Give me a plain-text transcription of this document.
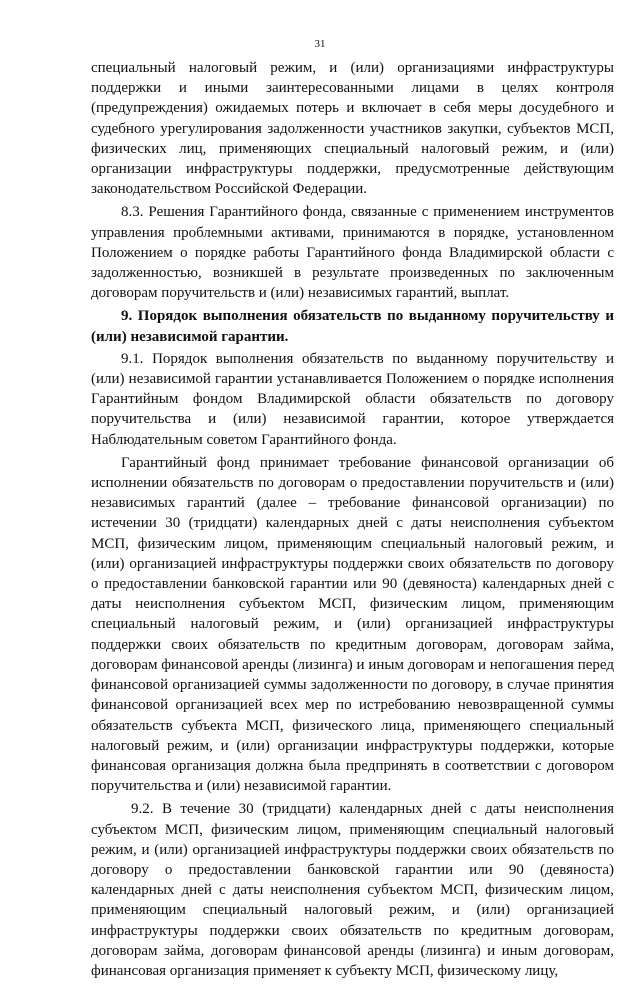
31

специальный налоговый режим, и (или) организациями инфраструктуры поддержки и иными заинтересованными лицами в целях контроля (предупреждения) ожидаемых потерь и включает в себя меры досудебного и судебного урегулирования задолженности участников закупки, субъектов МСП, физических лиц, применяющих специальный налоговый режим, и (или) организации инфраструктуры поддержки, предусмотренные действующим законодательством Российской Федерации.

8.3. Решения Гарантийного фонда, связанные с применением инструментов управления проблемными активами, принимаются в порядке, установленном Положением о порядке работы Гарантийного фонда Владимирской области с задолженностью, возникшей в результате произведенных по заключенным договорам поручительств и (или) независимых гарантий, выплат.

9. Порядок выполнения обязательств по выданному поручительству и (или) независимой гарантии.

9.1. Порядок выполнения обязательств по выданному поручительству и (или) независимой гарантии устанавливается Положением о порядке исполнения Гарантийным фондом Владимирской области обязательств по договору поручительства и (или) независимой гарантии, которое утверждается Наблюдательным советом Гарантийного фонда.

Гарантийный фонд принимает требование финансовой организации об исполнении обязательств по договорам о предоставлении поручительств и (или) независимых гарантий (далее – требование финансовой организации) по истечении 30 (тридцати) календарных дней с даты неисполнения субъектом МСП, физическим лицом, применяющим специальный налоговый режим, и (или) организацией инфраструктуры поддержки своих обязательств по договору о предоставлении банковской гарантии или 90 (девяноста) календарных дней с даты неисполнения субъектом МСП, физическим лицом, применяющим специальный налоговый режим, и (или) организацией инфраструктуры поддержки своих обязательств по кредитным договорам, договорам займа, договорам финансовой аренды (лизинга) и иным договорам и непогашения перед финансовой организацией суммы задолженности по договору, в случае принятия финансовой организацией всех мер по истребованию невозвращенной суммы обязательств субъекта МСП, физического лица, применяющего специальный налоговый режим, и (или) организации инфраструктуры поддержки, которые финансовая организация должна была предпринять в соответствии с договором поручительства и (или) независимой гарантии.

9.2. В течение 30 (тридцати) календарных дней с даты неисполнения субъектом МСП, физическим лицом, применяющим специальный налоговый режим, и (или) организацией инфраструктуры поддержки своих обязательств по договору о предоставлении банковской гарантии или 90 (девяноста) календарных дней с даты неисполнения субъектом МСП, физическим лицом, применяющим специальный налоговый режим, и (или) организацией инфраструктуры поддержки своих обязательств по кредитным договорам, договорам займа, договорам финансовой аренды (лизинга) и иным договорам, финансовая организация применяет к субъекту МСП, физическому лицу,
